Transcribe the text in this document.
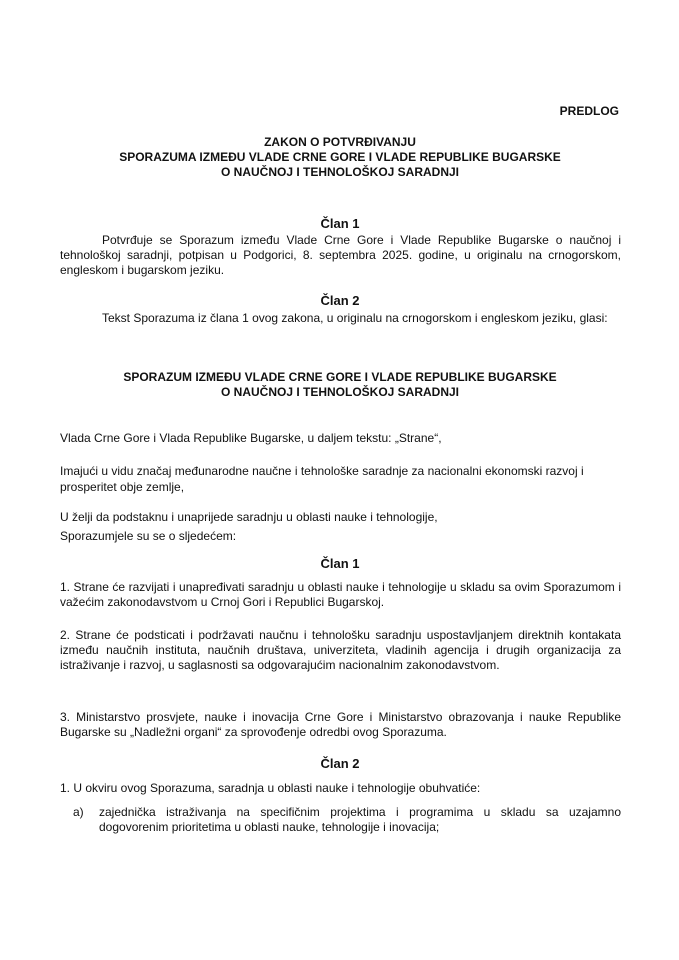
PREDLOG

ZAKON O POTVRĐIVANJU

SPORAZUMA IZMEĐU VLADE CRNE GORE I VLADE REPUBLIKE BUGARSKE

O NAUČNOJ I TEHNOLOŠKOJ SARADNJI

Član 1

Potvrđuje se Sporazum između Vlade Crne Gore i Vlade Republike Bugarske o naučnoj i tehnološkoj saradnji, potpisan u Podgorici, 8. septembra 2025. godine, u originalu na crnogorskom, engleskom i bugarskom jeziku.

Član 2

Tekst Sporazuma iz člana 1 ovog zakona, u originalu na crnogorskom i engleskom jeziku, glasi:

SPORAZUM IZMEĐU VLADE CRNE GORE I VLADE REPUBLIKE BUGARSKE

O NAUČNOJ I TEHNOLOŠKOJ SARADNJI

Vlada Crne Gore i Vlada Republike Bugarske, u daljem tekstu: „Strane“,

Imajući u vidu značaj međunarodne naučne i tehnološke saradnje za nacionalni ekonomski razvoj i prosperitet obje zemlje,

U želji da podstaknu i unaprijede saradnju u oblasti nauke i tehnologije,

Sporazumjele su se o sljedećem:

Član 1

1. Strane će razvijati i unapređivati saradnju u oblasti nauke i tehnologije u skladu sa ovim Sporazumom i važećim zakonodavstvom u Crnoj Gori i Republici Bugarskoj.

2. Strane će podsticati i podržavati naučnu i tehnološku saradnju uspostavljanjem direktnih kontakata između naučnih instituta, naučnih društava, univerziteta, vladinih agencija i drugih organizacija za istraživanje i razvoj, u saglasnosti sa odgovarajućim nacionalnim zakonodavstvom.

3. Ministarstvo prosvjete, nauke i inovacija Crne Gore i Ministarstvo obrazovanja i nauke Republike Bugarske su „Nadležni organi“ za sprovođenje odredbi ovog Sporazuma.

Član 2

1. U okviru ovog Sporazuma, saradnja u oblasti nauke i tehnologije obuhvatiće:

a) zajednička istraživanja na specifičnim projektima i programima u skladu sa uzajamno dogovorenim prioritetima u oblasti nauke, tehnologije i inovacija;
